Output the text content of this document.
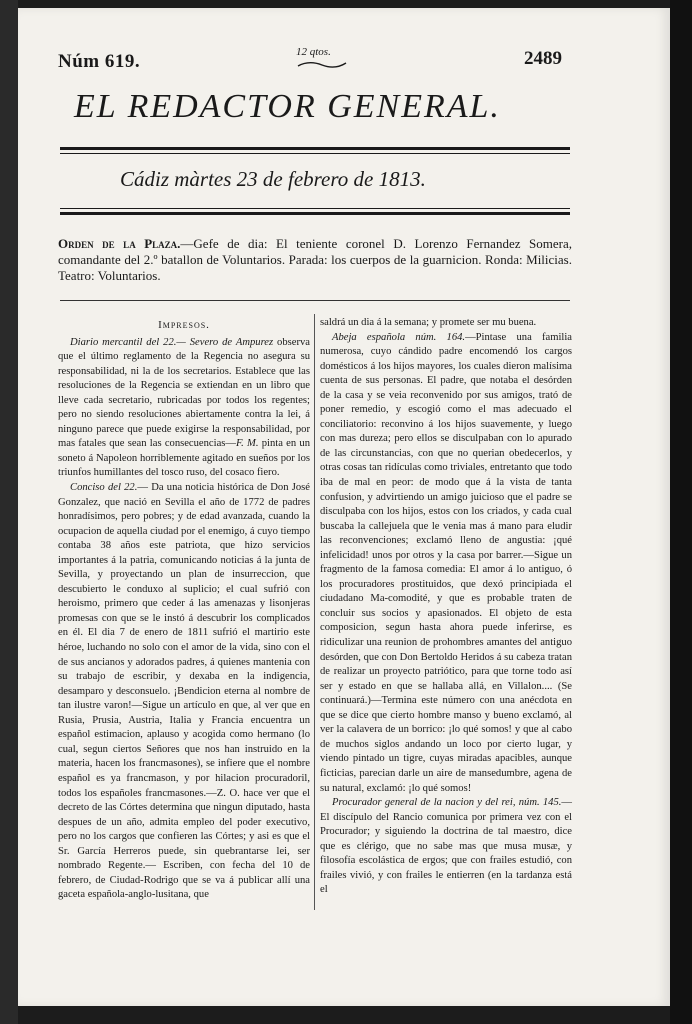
Núm 619.	12 qtos.	2489
EL REDACTOR GENERAL.
Cádiz màrtes 23 de febrero de 1813.
Orden de la Plaza.—Gefe de dia: El teniente coronel D. Lorenzo Fernandez Somera, comandante del 2.º batallon de Voluntarios. Parada: los cuerpos de la guarnicion. Ronda: Milicias. Teatro: Voluntarios.

Impresos.

Diario mercantil del 22.— Severo de Ampurez observa que el último reglamento de la Regencia no asegura su responsabilidad, ni la de los secretarios. Establece que las resoluciones de la Regencia se extiendan en un libro que lleve cada secretario, rubricadas por todos los regentes; pero no siendo resoluciones abiertamente contra la lei, á ninguno parece que puede exigirse la responsabilidad, por mas fatales que sean las consecuencias—F. M. pinta en un soneto á Napoleon horriblemente agitado en sueños por los triunfos humillantes del tosco ruso, del cosaco fiero.

Conciso del 22.— Da una noticia histórica de Don José Gonzalez, que nació en Sevilla el año de 1772 de padres honradísimos, pero pobres; y de edad avanzada, cuando la ocupacion de aquella ciudad por el enemigo, á cuyo tiempo contaba 38 años este patriota, que hizo servicios importantes á la patria, comunicando noticias á la junta de Sevilla, y proyectando un plan de insurreccion, que descubierto le conduxo al suplicio; el cual sufrió con heroismo, primero que ceder á las amenazas y lisonjeras promesas con que se le instó á descubrir los complicados en él. El dia 7 de enero de 1811 sufrió el martirio este héroe, luchando no solo con el amor de la vida, sino con el de sus ancianos y adorados padres, á quienes mantenia con su trabajo de escribir, y dexaba en la indigencia, desamparo y desconsuelo. ¡Bendicion eterna al nombre de tan ilustre varon!—Sigue un artículo en que, al ver que en Rusia, Prusia, Austria, Italia y Francia encuentra un español estimacion, aplauso y acogida como hermano (lo cual, segun ciertos Señores que nos han instruido en la materia, hacen los francmasones), se infiere que el nombre español es ya francmason, y por hilacion procuradoril, todos los españoles francmasones.—Z. O. hace ver que el decreto de las Córtes determina que ningun diputado, hasta despues de un año, admita empleo del poder executivo, pero no los cargos que confieren las Córtes; y asi es que el Sr. García Herreros puede, sin quebrantarse lei, ser nombrado Regente.— Escriben, con fecha del 10 de febrero, de Ciudad-Rodrigo que se va á publicar allí una gaceta española-anglo-lusitana, que

saldrá un dia á la semana; y promete ser mu buena.

Abeja española núm. 164.—Pintase una familia numerosa, cuyo cándido padre encomendó los cargos domésticos á los hijos mayores, los cuales dieron malísima cuenta de sus personas. El padre, que notaba el desórden de la casa y se veia reconvenido por sus amigos, trató de poner remedio, y escogió como el mas adecuado el conciliatorio: reconvino á los hijos suavemente, y luego con mas dureza; pero ellos se disculpaban con lo apurado de las circunstancias, con que no querian obedecerlos, y otras cosas tan ridículas como triviales, entretanto que todo iba de mal en peor: de modo que á la vista de tanta confusion, y advirtiendo un amigo juicioso que el padre se disculpaba con los hijos, estos con los criados, y cada cual buscaba la callejuela que le venia mas á mano para eludir las reconvenciones; exclamó lleno de angustia: ¡qué infelicidad! unos por otros y la casa por barrer.—Sigue un fragmento de la famosa comedia: El amor á lo antiguo, ó los procuradores prostituidos, que dexó principiada el ciudadano Ma-comodité, y que es probable traten de concluir sus socios y apasionados. El objeto de esta composicion, segun hasta ahora puede inferirse, es ridiculizar una reunion de prohombres amantes del antiguo desórden, que con Don Bertoldo Heridos á su cabeza tratan de realizar un proyecto patriótico, para que torne todo así ser y estado en que se hallaba allá, en Villalon.... (Se continuará.)—Termina este número con una anécdota en que se dice que cierto hombre manso y bueno exclamó, al ver la calavera de un borrico: ¡lo qué somos! y que al cabo de muchos siglos andando un loco por cierto lugar, y viendo pintado un tigre, cuyas miradas apacibles, aunque ficticias, parecian darle un aire de mansedumbre, agena de su natural, exclamó: ¡lo qué somos!

Procurador general de la nacion y del rei, núm. 145.—El discípulo del Rancio comunica por primera vez con el Procurador; y siguiendo la doctrina de tal maestro, dice que es clérigo, que no sabe mas que musa musæ, y filosofía escolástica de ergos; que con frailes estudió, con frailes vivió, y con frailes le entierren (en la tardanza está el
